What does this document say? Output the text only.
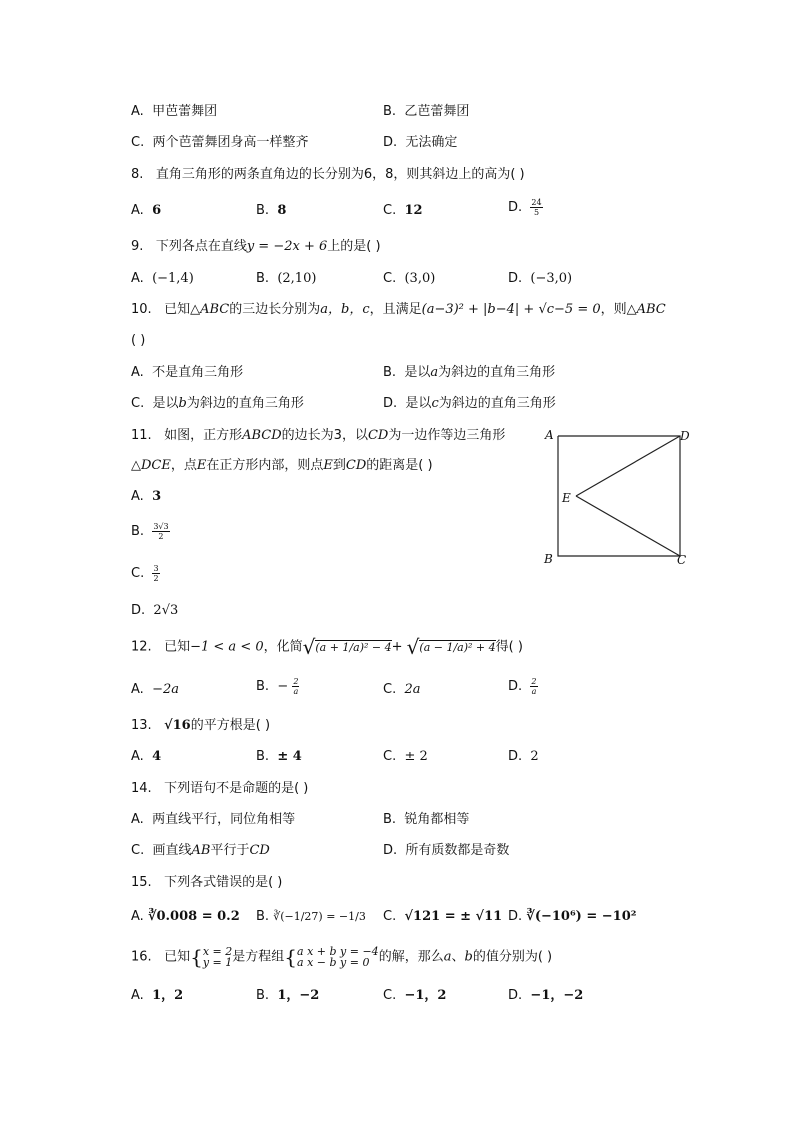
A. 甲芭蕾舞团	B. 乙芭蕾舞团
C. 两个芭蕾舞团身高一样整齐	D. 无法确定
8. 直角三角形的两条直角边的长分别为6，8，则其斜边上的高为( )
A. 6	B. 8	C. 12	D. $\frac{24}{5}$
9. 下列各点在直线y = −2x + 6上的是( )
A. (−1,4)	B. (2,10)	C. (3,0)	D. (−3,0)
10. 已知△ABC的三边长分别为a，b，c，且满足(a−3)² + |b−4| + √c−5 = 0，则△ABC
( )
A. 不是直角三角形	B. 是以a为斜边的直角三角形
C. 是以b为斜边的直角三角形	D. 是以c为斜边的直角三角形
11. 如图，正方形ABCD的边长为3，以CD为一边作等边三角形
△DCE，点E在正方形内部，则点E到CD的距离是( )
A. 3
B. $\frac{3√3}{2}$
C. $\frac{3}{2}$
D. 2√3
A	D
E
B	C
12. 已知−1 < a < 0，化简√(a + 1/a)² − 4+ √(a − 1/a)² + 4得( )
A. −2a	B. − $\frac{2}{a}$	C. 2a	D. $\frac{2}{a}$
13. √16的平方根是( )
A. 4	B. ± 4	C. ± 2	D. 2
14. 下列语句不是命题的是( )
A. 两直线平行，同位角相等	B. 锐角都相等
C. 画直线AB平行于CD	D. 所有质数都是奇数
15. 下列各式错误的是( )
A. ∛0.008 = 0.2 B. ∛(−1/27) = −1/3 C. √121 = ± √11 D. ∛(−10⁶) = −10²
16. 已知{ x = 2
y = 1 是方程组{ a x + b y = −4
a x − b y = 0 的解，那么a、b的值分别为( )
A. 1，2	B. 1，−2	C. −1，2	D. −1，−2
